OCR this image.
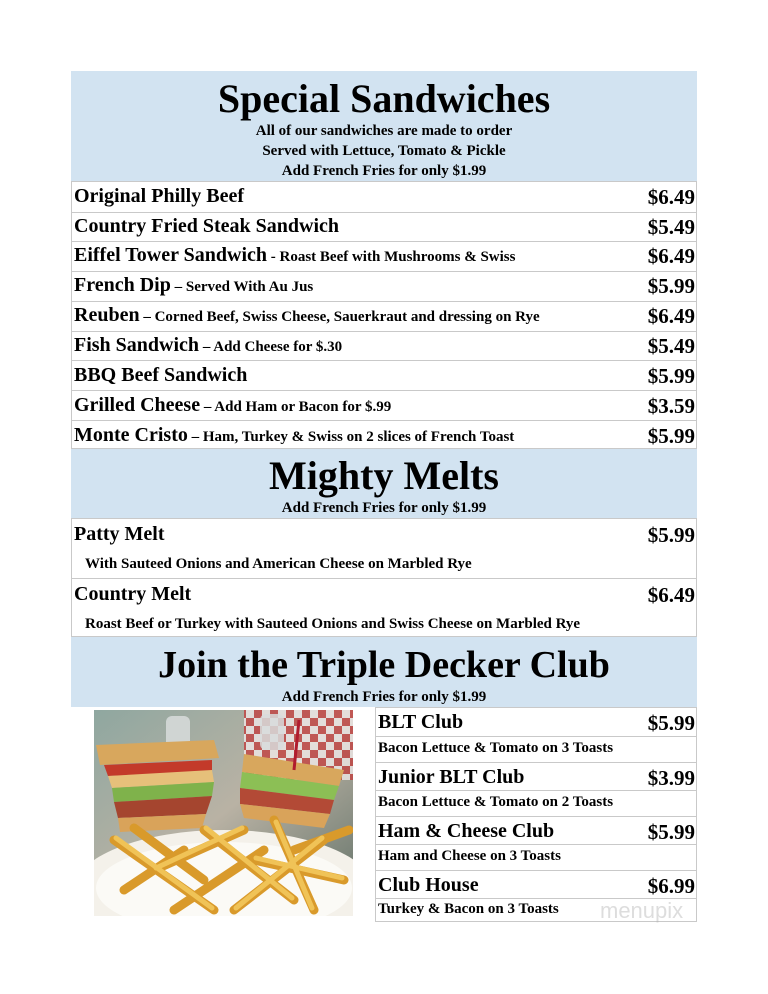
Special Sandwiches
All of our sandwiches are made to order
Served with Lettuce, Tomato & Pickle
Add French Fries for only $1.99
Original Philly Beef	$6.49
Country Fried Steak Sandwich	$5.49
Eiffel Tower Sandwich - Roast Beef with Mushrooms & Swiss	$6.49
French Dip – Served With Au Jus	$5.99
Reuben – Corned Beef, Swiss Cheese, Sauerkraut and dressing on Rye	$6.49
Fish Sandwich – Add Cheese for $.30	$5.49
BBQ Beef Sandwich	$5.99
Grilled Cheese – Add Ham or Bacon for $.99	$3.59
Monte Cristo – Ham, Turkey & Swiss on 2 slices of French Toast	$5.99
Mighty Melts
Add French Fries for only $1.99
Patty Melt	$5.99
With Sauteed Onions and American Cheese on Marbled Rye
Country Melt	$6.49
Roast Beef or Turkey with Sauteed Onions and Swiss Cheese on Marbled Rye
Join the Triple Decker Club
Add French Fries for only $1.99
BLT Club	$5.99
Bacon Lettuce & Tomato on 3 Toasts
Junior BLT Club	$3.99
Bacon Lettuce & Tomato on 2 Toasts
Ham & Cheese Club	$5.99
Ham and Cheese on 3 Toasts
Club House	$6.99
Turkey & Bacon on 3 Toasts menupix
